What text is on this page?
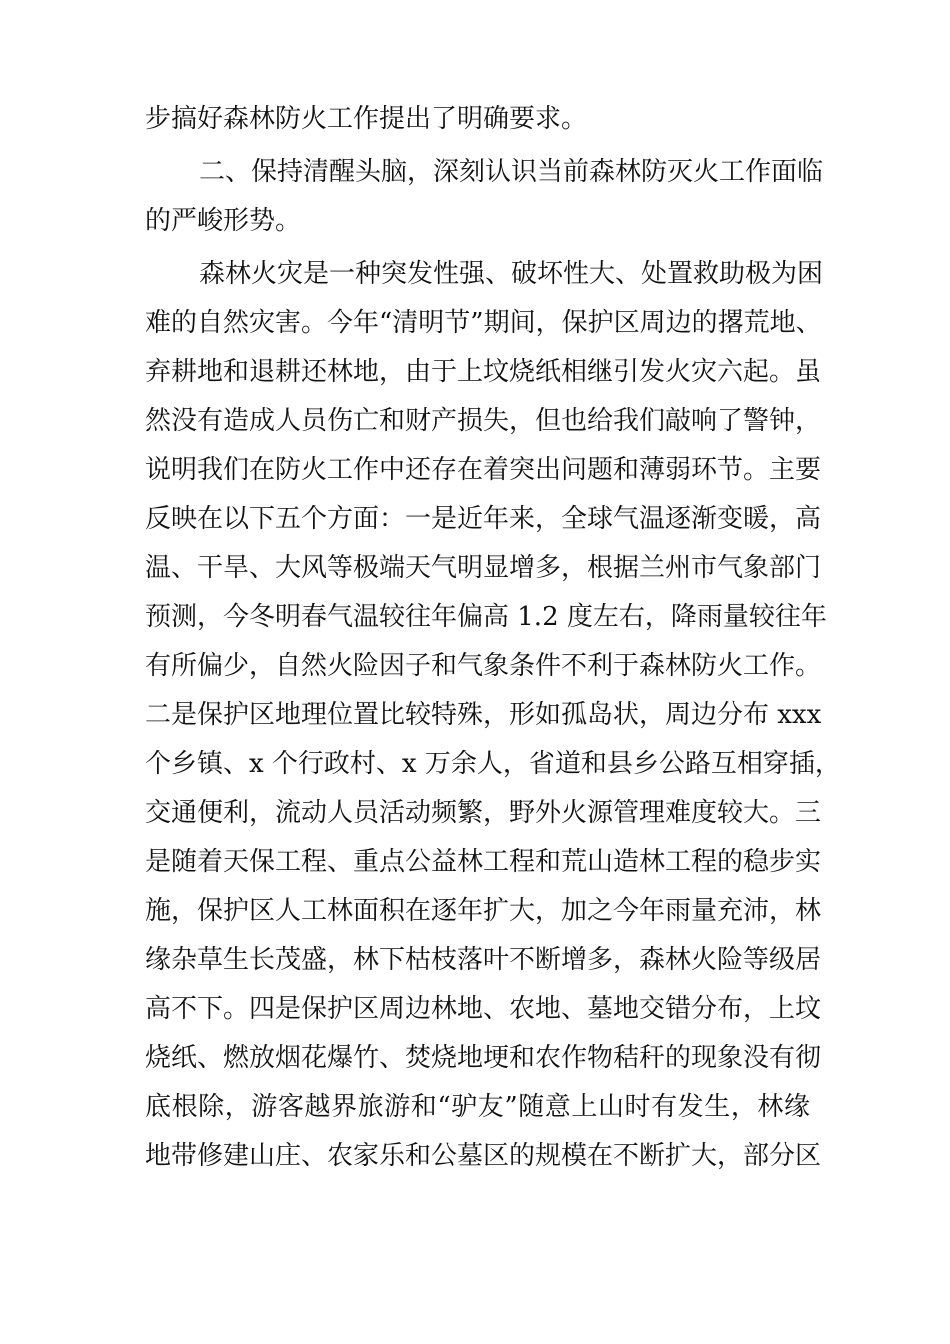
步搞好森林防火工作提出了明确要求。
二、保持清醒头脑，深刻认识当前森林防灭火工作面临
的严峻形势。
森林火灾是一种突发性强、破坏性大、处置救助极为困
难的自然灾害。今年“清明节”期间，保护区周边的撂荒地、
弃耕地和退耕还林地，由于上坟烧纸相继引发火灾六起。虽
然没有造成人员伤亡和财产损失，但也给我们敲响了警钟，
说明我们在防火工作中还存在着突出问题和薄弱环节。主要
反映在以下五个方面：一是近年来，全球气温逐渐变暖，高
温、干旱、大风等极端天气明显增多，根据兰州市气象部门
预测，今冬明春气温较往年偏高 1.2 度左右，降雨量较往年
有所偏少，自然火险因子和气象条件不利于森林防火工作。
二是保护区地理位置比较特殊，形如孤岛状，周边分布 xxx
个乡镇、x 个行政村、x 万余人，省道和县乡公路互相穿插，
交通便利，流动人员活动频繁，野外火源管理难度较大。三
是随着天保工程、重点公益林工程和荒山造林工程的稳步实
施，保护区人工林面积在逐年扩大，加之今年雨量充沛，林
缘杂草生长茂盛，林下枯枝落叶不断增多，森林火险等级居
高不下。四是保护区周边林地、农地、墓地交错分布，上坟
烧纸、燃放烟花爆竹、焚烧地埂和农作物秸秆的现象没有彻
底根除，游客越界旅游和“驴友”随意上山时有发生，林缘
地带修建山庄、农家乐和公墓区的规模在不断扩大，部分区
